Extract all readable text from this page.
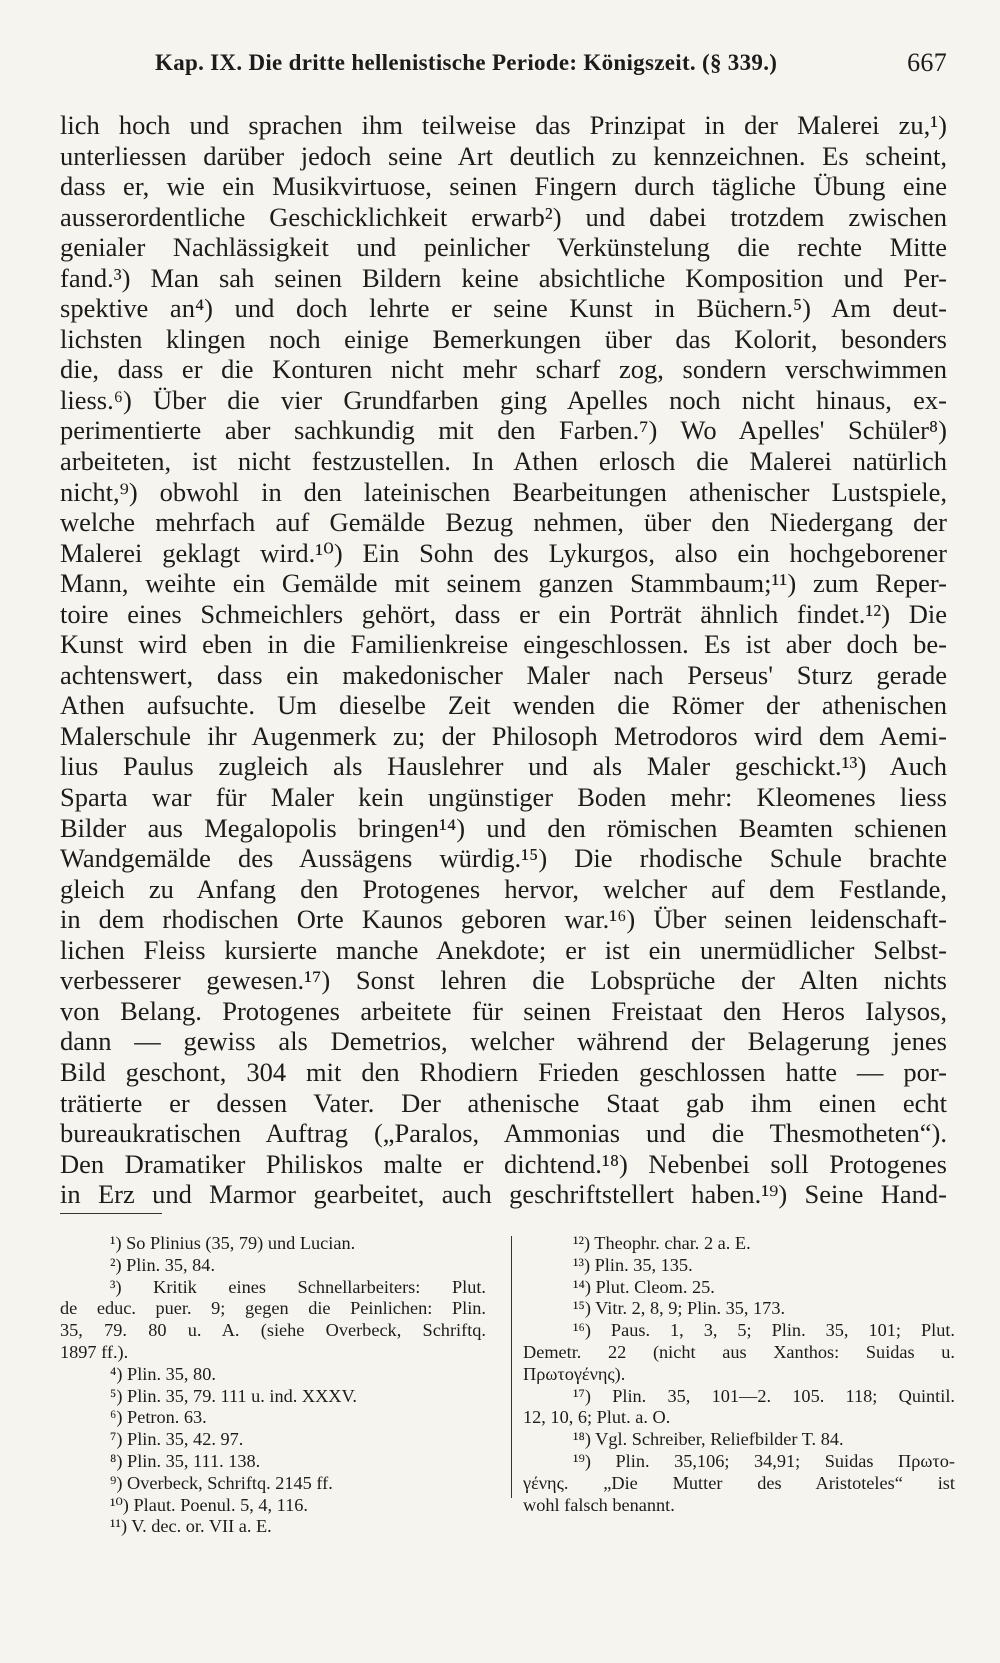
Kap. IX. Die dritte hellenistische Periode: Königszeit. (§ 339.)	667
lich hoch und sprachen ihm teilweise das Prinzipat in der Malerei zu,¹)
unterliessen darüber jedoch seine Art deutlich zu kennzeichnen. Es scheint,
dass er, wie ein Musikvirtuose, seinen Fingern durch tägliche Übung eine
ausserordentliche Geschicklichkeit erwarb²) und dabei trotzdem zwischen
genialer Nachlässigkeit und peinlicher Verkünstelung die rechte Mitte
fand.³) Man sah seinen Bildern keine absichtliche Komposition und Per-
spektive an⁴) und doch lehrte er seine Kunst in Büchern.⁵) Am deut-
lichsten klingen noch einige Bemerkungen über das Kolorit, besonders
die, dass er die Konturen nicht mehr scharf zog, sondern verschwimmen
liess.⁶) Über die vier Grundfarben ging Apelles noch nicht hinaus, ex-
perimentierte aber sachkundig mit den Farben.⁷) Wo Apelles' Schüler⁸)
arbeiteten, ist nicht festzustellen. In Athen erlosch die Malerei natürlich
nicht,⁹) obwohl in den lateinischen Bearbeitungen athenischer Lustspiele,
welche mehrfach auf Gemälde Bezug nehmen, über den Niedergang der
Malerei geklagt wird.¹⁰) Ein Sohn des Lykurgos, also ein hochgeborener
Mann, weihte ein Gemälde mit seinem ganzen Stammbaum;¹¹) zum Reper-
toire eines Schmeichlers gehört, dass er ein Porträt ähnlich findet.¹²) Die
Kunst wird eben in die Familienkreise eingeschlossen. Es ist aber doch be-
achtenswert, dass ein makedonischer Maler nach Perseus' Sturz gerade
Athen aufsuchte. Um dieselbe Zeit wenden die Römer der athenischen
Malerschule ihr Augenmerk zu; der Philosoph Metrodoros wird dem Aemi-
lius Paulus zugleich als Hauslehrer und als Maler geschickt.¹³) Auch
Sparta war für Maler kein ungünstiger Boden mehr: Kleomenes liess
Bilder aus Megalopolis bringen¹⁴) und den römischen Beamten schienen
Wandgemälde des Aussägens würdig.¹⁵) Die rhodische Schule brachte
gleich zu Anfang den Protogenes hervor, welcher auf dem Festlande,
in dem rhodischen Orte Kaunos geboren war.¹⁶) Über seinen leidenschaft-
lichen Fleiss kursierte manche Anekdote; er ist ein unermüdlicher Selbst-
verbesserer gewesen.¹⁷) Sonst lehren die Lobsprüche der Alten nichts
von Belang. Protogenes arbeitete für seinen Freistaat den Heros Ialysos,
dann — gewiss als Demetrios, welcher während der Belagerung jenes
Bild geschont, 304 mit den Rhodiern Frieden geschlossen hatte — por-
trätierte er dessen Vater. Der athenische Staat gab ihm einen echt
bureaukratischen Auftrag („Paralos, Ammonias und die Thesmotheten“).
Den Dramatiker Philiskos malte er dichtend.¹⁸) Nebenbei soll Protogenes
in Erz und Marmor gearbeitet, auch geschriftstellert haben.¹⁹) Seine Hand-
¹) So Plinius (35, 79) und Lucian.
²) Plin. 35, 84.
³) Kritik eines Schnellarbeiters: Plut.
de educ. puer. 9; gegen die Peinlichen: Plin.
35, 79. 80 u. A. (siehe Overbeck, Schriftq.
1897 ff.).
⁴) Plin. 35, 80.
⁵) Plin. 35, 79. 111 u. ind. XXXV.
⁶) Petron. 63.
⁷) Plin. 35, 42. 97.
⁸) Plin. 35, 111. 138.
⁹) Overbeck, Schriftq. 2145 ff.
¹⁰) Plaut. Poenul. 5, 4, 116.
¹¹) V. dec. or. VII a. E.
¹²) Theophr. char. 2 a. E.
¹³) Plin. 35, 135.
¹⁴) Plut. Cleom. 25.
¹⁵) Vitr. 2, 8, 9; Plin. 35, 173.
¹⁶) Paus. 1, 3, 5; Plin. 35, 101; Plut.
Demetr. 22 (nicht aus Xanthos: Suidas u.
Πρωτογένης).
¹⁷) Plin. 35, 101—2. 105. 118; Quintil.
12, 10, 6; Plut. a. O.
¹⁸) Vgl. Schreiber, Reliefbilder T. 84.
¹⁹) Plin. 35,106; 34,91; Suidas Πρωτο-
γένης. „Die Mutter des Aristoteles“ ist
wohl falsch benannt.
